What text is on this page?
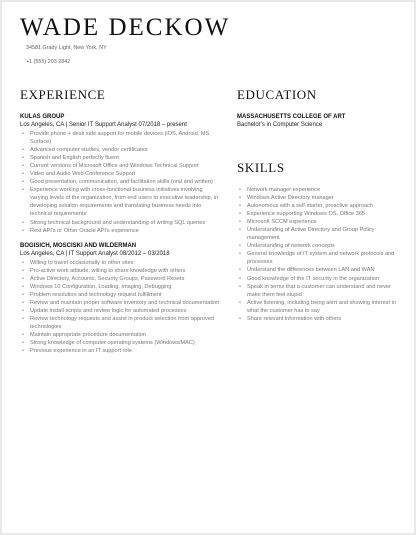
WADE DECKOW
34581 Grady Light, New York, NY
+1 (555) 203 2842
EXPERIENCE
KULAS GROUP
Los Angeles, CA | Senior IT Support Analyst 07/2018 – present
• Provide phone + desk side support for mobile devices (iOS, Android, MS Surface)
• Advanced computer studies, vendor certificates
• Spanish and English perfectly fluent
• Current versions of Microsoft Office and Windows Technical Support
• Video and Audio Web Conference Support
• Good presentation, communication, and facilitation skills (oral and written)
• Experience working with cross-functional business initiatives involving varying levels of the organization, from end users to executive leadership, in developing solution requirements and translating business needs into technical requirements
• Strong technical background and understanding of writing SQL queries
• Rest API's or Other Oracle API's experience
BOGISICH, MOSCISKI AND WILDERMAN
Los Angeles, CA | IT Support Analyst 08/2012 – 03/2018
• Willing to travel occasionally to other sites
• Pro-active work attitude, willing to share knowledge with others
• Active Directory, Accounts, Security Groups, Password Resets
• Windows 10 Configuration, Loading, Imaging, Debugging
• Problem resolution and technology request fulfillment
• Review and maintain proper software inventory and technical documentation
• Update install scripts and review logic for automated processes
• Review technology requests and assist in product selection from approved technologies
• Maintain appropriate procedure documentation
• Strong knowledge of computer operating systems (Windows/MAC)
• Previous experience in an IT support role
EDUCATION
MASSACHUSETTS COLLEGE OF ART
Bachelor's in Computer Science
SKILLS
• Network manager experience
• Windows Active Directory manager
• Autonomous with a self-starter, proactive approach
• Experience supporting Windows OS, Office 365
• Microsoft SCCM experience
• Understanding of Active Directory and Group Policy management
• Understanding of network concepts
• General knowledge of IT system and network protocols and processes
• Understand the differences between LAN and WAN
• Good knowledge of the IT security in the organization
• Speak in terms that a customer can understand and never make them feel stupid
• Active listening, including being alert and showing interest in what the customer has to say
• Share relevant information with others
